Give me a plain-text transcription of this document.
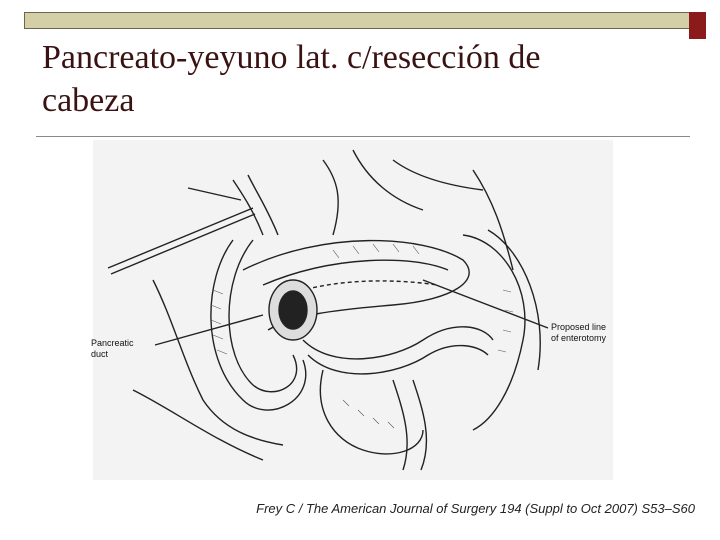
Pancreato-yeyuno lat. c/resección de
cabeza
Pancreatic
duct
Proposed line
of enterotomy
Frey C / The American Journal of Surgery 194 (Suppl to Oct 2007) S53–S60
